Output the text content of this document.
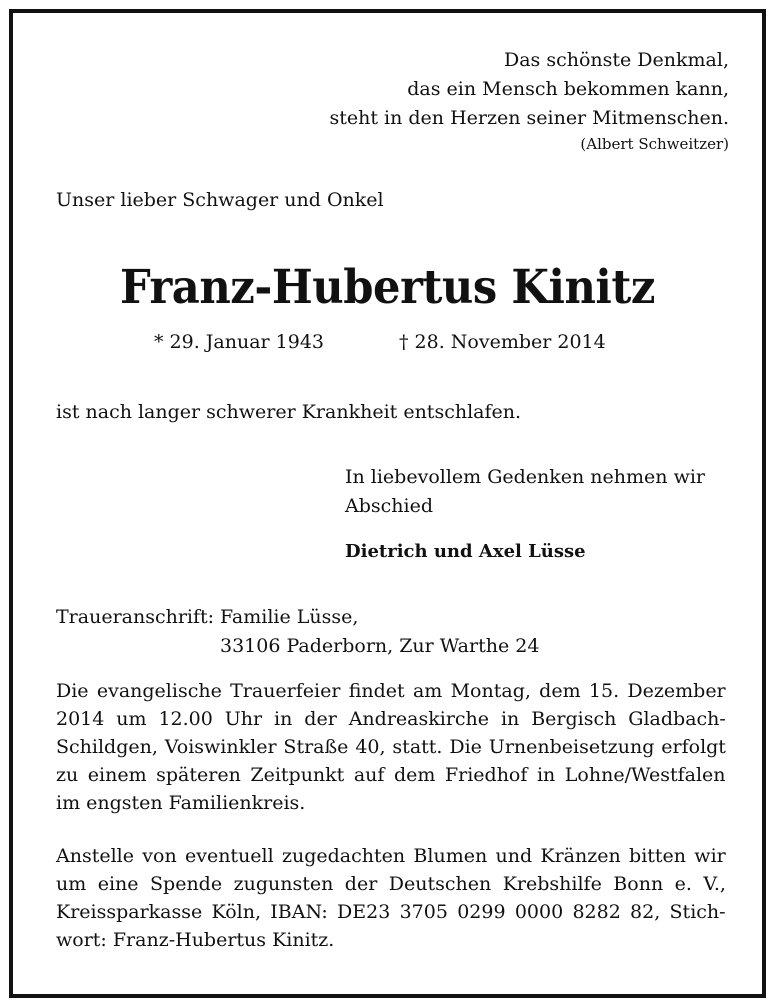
Das schönste Denkmal,
das ein Mensch bekommen kann,
steht in den Herzen seiner Mitmenschen.
(Albert Schweitzer)
Unser lieber Schwager und Onkel
Franz-Hubertus Kinitz
* 29. Januar 1943	† 28. November 2014
ist nach langer schwerer Krankheit entschlafen.
In liebevollem Gedenken nehmen wir
Abschied
Dietrich und Axel Lüsse
Traueranschrift: Familie Lüsse,
33106 Paderborn, Zur Warthe 24
Die evangelische Trauerfeier findet am Montag, dem 15. Dezember
2014 um 12.00 Uhr in der Andreaskirche in Bergisch Gladbach-
Schildgen, Voiswinkler Straße 40, statt. Die Urnenbeisetzung erfolgt
zu einem späteren Zeitpunkt auf dem Friedhof in Lohne/Westfalen
im engsten Familienkreis.
Anstelle von eventuell zugedachten Blumen und Kränzen bitten wir
um eine Spende zugunsten der Deutschen Krebshilfe Bonn e. V.,
Kreissparkasse Köln, IBAN: DE23 3705 0299 0000 8282 82, Stich-
wort: Franz-Hubertus Kinitz.
